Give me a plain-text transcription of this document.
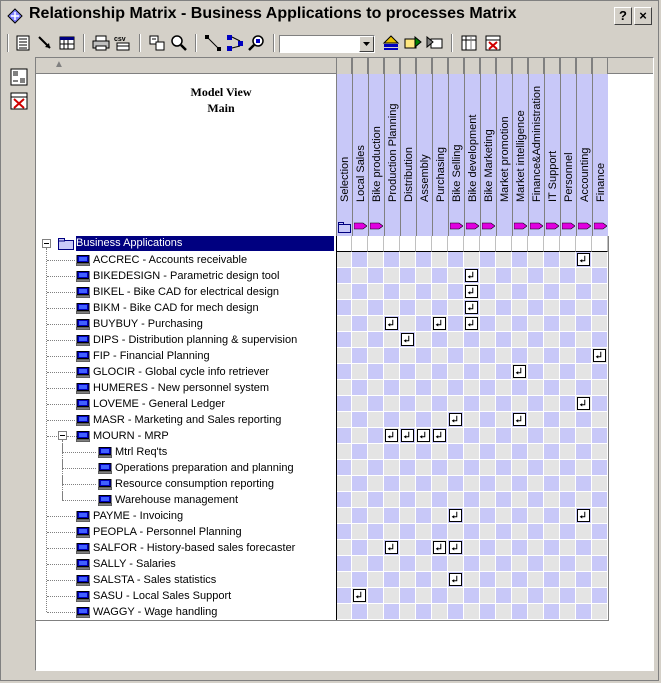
Relationship Matrix - Business Applications to processes Matrix	? ×
csv
▲
Model View
Main
Selection Local Sales Bike production Production Planning Distribution Assembly Purchasing Bike Selling Bike development Bike Marketing Market promotion Market intelligence Finance&Administration IT Support Personnel Accounting Finance
Business Applications
ACCREC - Accounts receivable
BIKEDESIGN - Parametric design tool
BIKEL - Bike CAD for electrical design
BIKM - Bike CAD for mech design
BUYBUY - Purchasing
DIPS - Distribution planning & supervision
FIP - Financial Planning
GLOCIR - Global cycle info retriever
HUMERES - New personnel system
LOVEME - General Ledger
MASR - Marketing and Sales reporting
MOURN - MRP
Mtrl Req'ts
Operations preparation and planning
Resource consumption reporting
Warehouse management
PAYME - Invoicing
PEOPLA - Personnel Planning
SALFOR - History-based sales forecaster
SALLY - Salaries
SALSTA - Sales statistics
SASU - Local Sales Support
WAGGY - Wage handling
